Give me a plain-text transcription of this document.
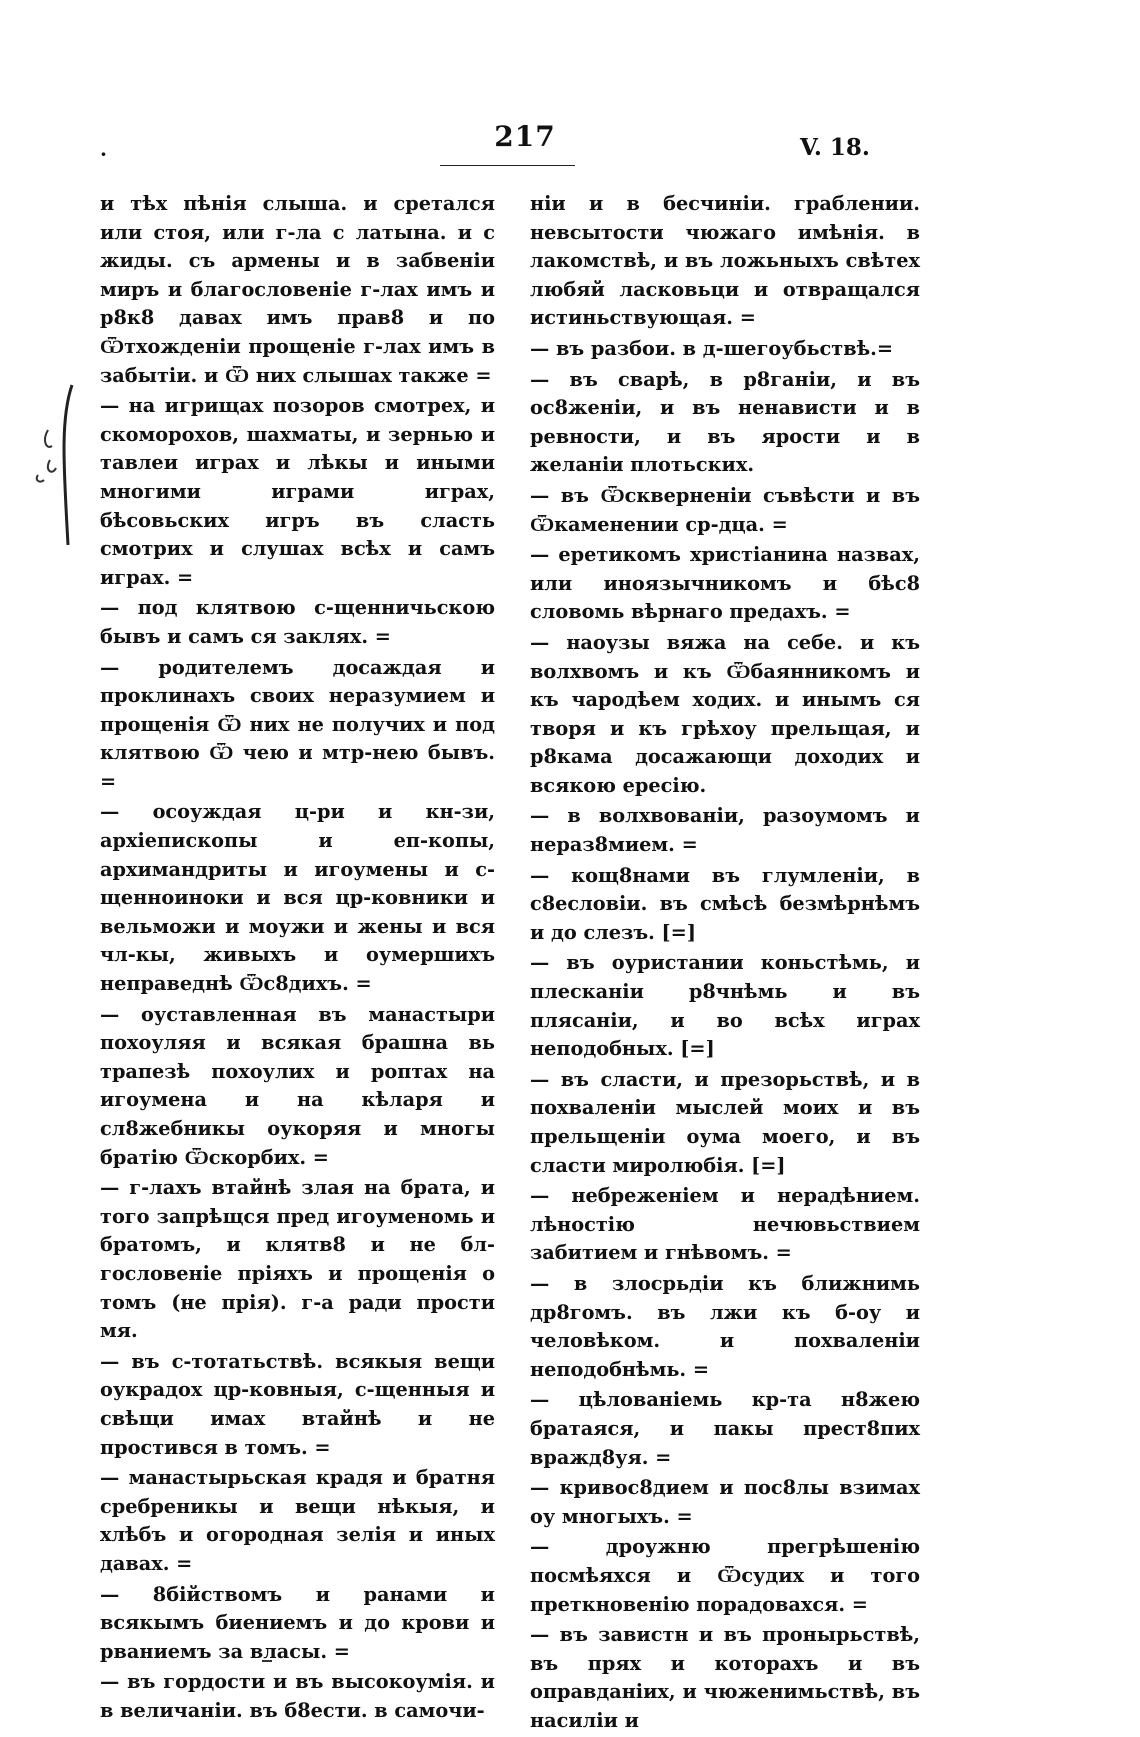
·
217	V. 18.

и тѣх пѣнія слыша. и сретался или стоя, или г-ла с латына. и с жиды. съ армены и в забвеніи миръ и благословеніе г-лах имъ и р8к8 давах имъ прав8 и по Ѿтхожденіи прощеніе г-лах имъ в забытіи. и Ѿ них слышах также =

— на игрищах позоров смотрех, и скоморохов, шахматы, и зернью и тавлеи играх и лѣкы и иными многими играми играх, бѣсовьских игръ въ сласть смотрих и слушах всѣх и самъ играх. =

— под клятвою с-щенничьскою бывъ и самъ ся заклях. =

— родителемъ досаждая и проклинахъ своих неразумием и прощенія Ѿ них не получих и под клятвою Ѿ чею и мтр-нею бывъ. =

— осоуждая ц-ри и кн-зи, архіепископы и еп-копы, архимандриты и игоумены и с-щенноиноки и вся цр-ковники и вельможи и моужи и жены и вся чл-кы, живыхъ и оумершихъ неправеднѣ Ѿс8дихъ. =

— оуставленная въ манастыри похоуляя и всякая брашна вь трапезѣ похоулих и роптах на игоумена и на кѣларя и сл8жебникы оукоряя и многы братію Ѿскорбих. =

— г-лахъ втайнѣ злая на брата, и того запрѣщся пред игоуменомь и братомъ, и клятв8 и не бл-гословеніе пріяхъ и прощенія о томъ (не прія). г-а ради прости мя.

— въ с-тотатьствѣ. всякыя вещи оукрадох цр-ковныя, с-щенныя и свѣщи имах втайнѣ и не простився в томъ. =

— манастырьская крадя и братня сребреникы и вещи нѣкыя, и хлѣбъ и огородная зелія и иных давах. =

— 8бійствомъ и ранами и всякымъ биениемъ и до крови и рваниемъ за власы. =

— въ гордости и въ высокоумія. и в величаніи. въ б8ести. в самочи-

ніи и в бесчиніи. граблении. невсытости чюжаго имѣнія. в лакомствѣ, и въ ложьныхъ свѣтех любяй ласковьци и отвращался истиньствующая. =

— въ разбои. в д-шегоубьствѣ.=

— въ сварѣ, в р8ганіи, и въ ос8женіи, и въ ненависти и в ревности, и въ ярости и в желаніи плотьских.

— въ Ѿскверненіи съвѣсти и въ Ѿкаменении ср-дца. =

— еретикомъ христіанина назвах, или иноязычникомъ и бѣс8 словомь вѣрнаго предахъ. =

— наоузы вяжа на себе. и къ волхвомъ и къ Ѿбаянникомъ и къ чародѣем ходих. и инымъ ся творя и къ грѣхоу прельщая, и р8кама досажающи доходих и всякою ересію.

— в волхвованіи, разоумомъ и нераз8мием. =

— кощ8нами въ глумленіи, в с8есловіи. въ смѣсѣ безмѣрнѣмъ и до слезъ. [=]

— въ оуристании коньстѣмь, и плесканіи р8чнѣмь и въ плясаніи, и во всѣх играх неподобных. [=]

— въ сласти, и презорьствѣ, и в похваленіи мыслей моих и въ прельщеніи оума моего, и въ сласти миролюбія. [=]

— небреженіем и нерадѣнием. лѣностію нечювьствием забитием и гнѣвомъ. =

— в злосрьдіи къ ближнимь др8гомъ. въ лжи къ б-оу и человѣком. и похваленіи неподобнѣмь. =

— цѣлованіемь кр-та н8жею братаяся, и пакы прест8пих вражд8уя. =

— кривос8дием и пос8лы взимах оу многыхъ. =

— дроужню прегрѣшенію посмѣяхся и Ѿсудих и того преткновенію порадовахся. =

— въ завистн и въ пронырьствѣ, въ прях и которахъ и въ оправданіих, и чюженимьствѣ, въ насиліи и
